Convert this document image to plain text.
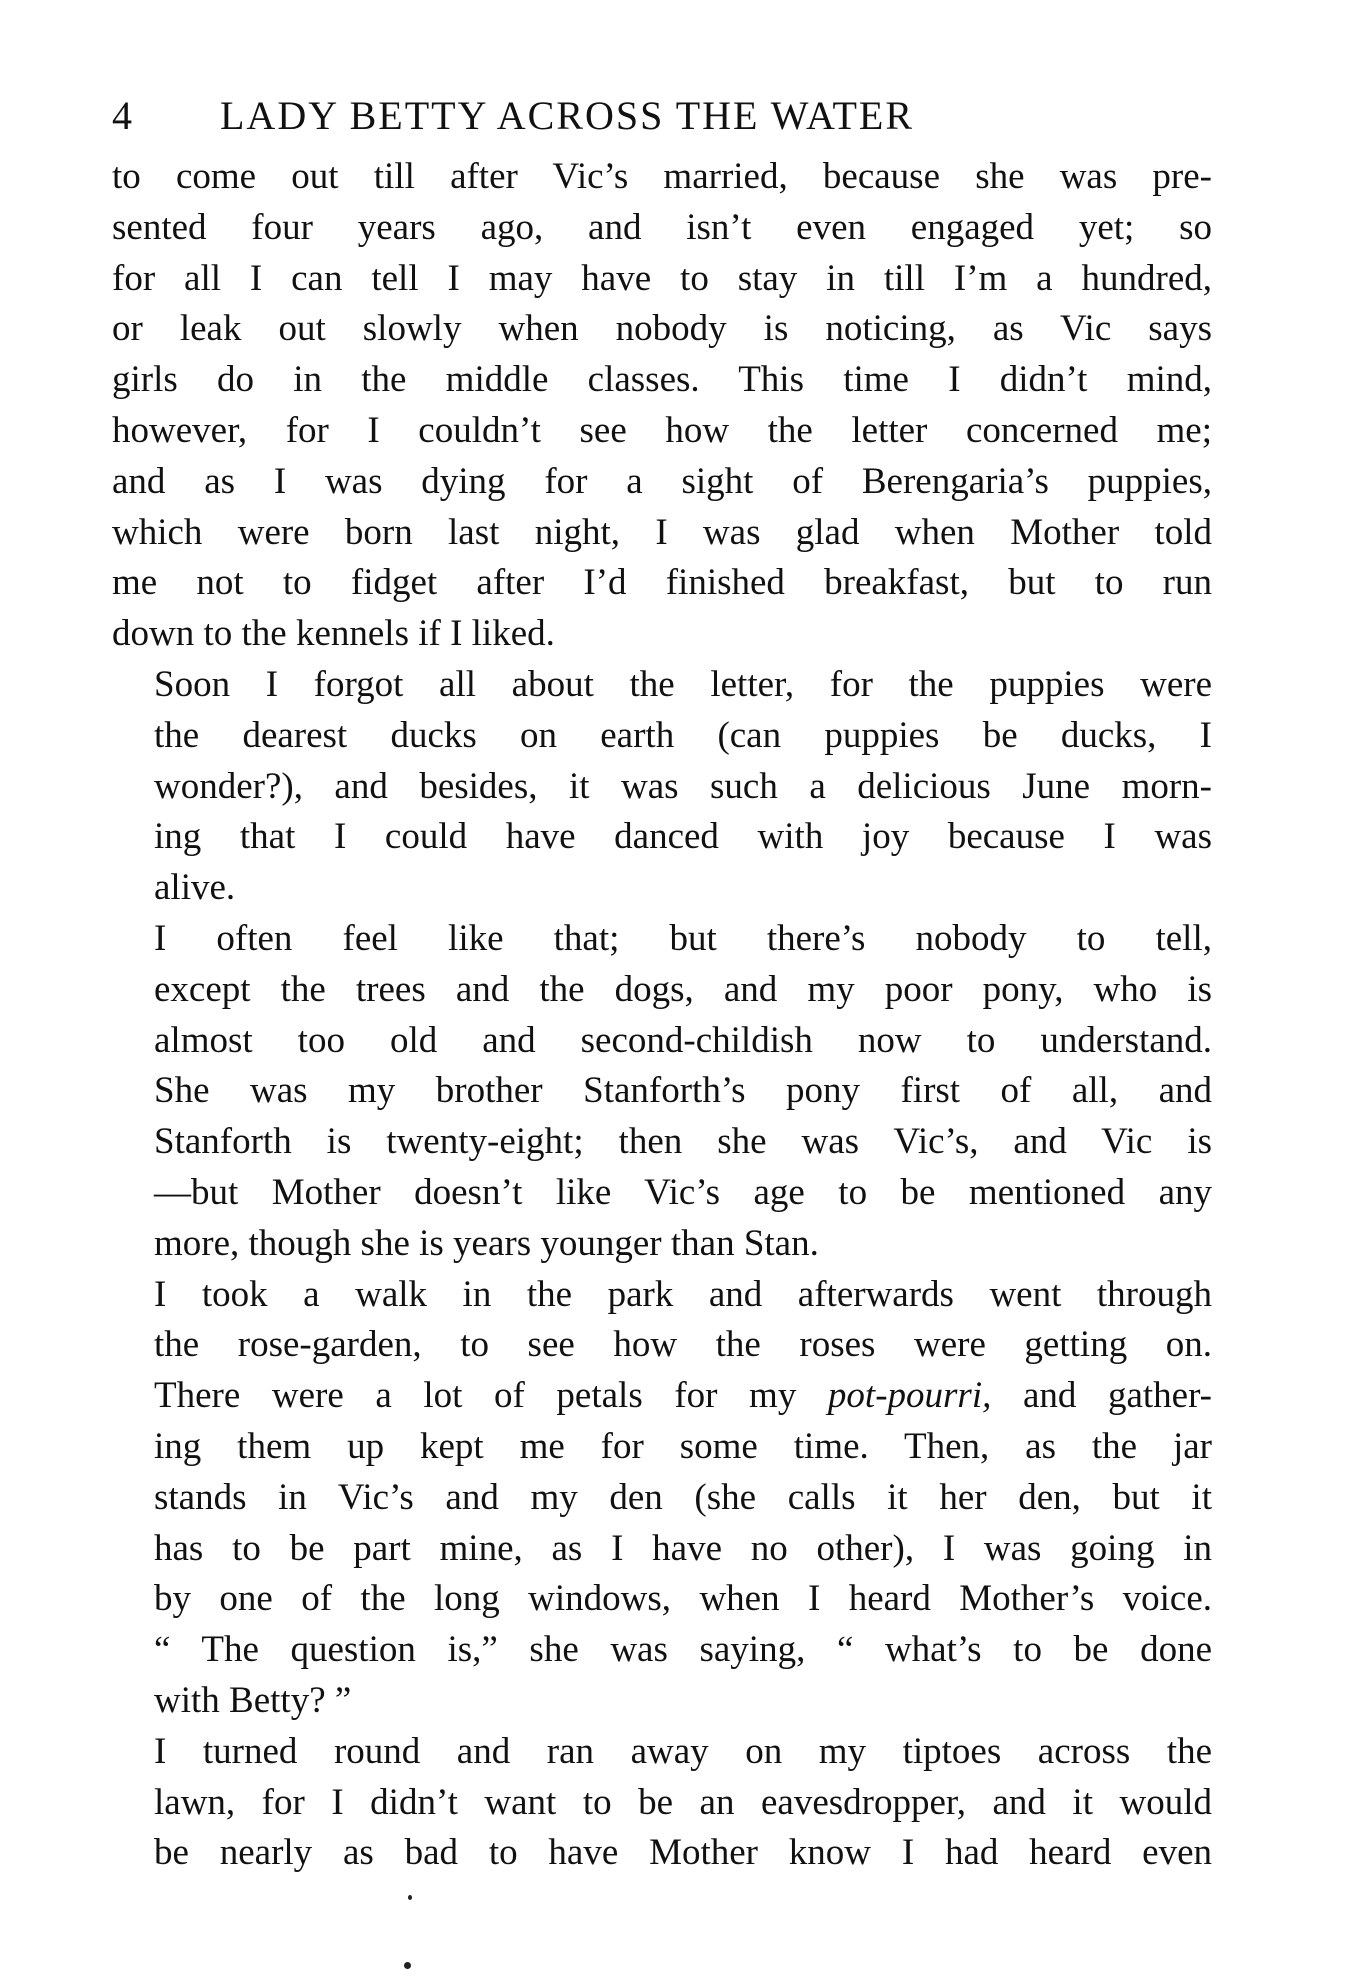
4 LADY BETTY ACROSS THE WATER

to come out till after Vic’s married, because she was pre-
sented four years ago, and isn’t even engaged yet; so
for all I can tell I may have to stay in till I’m a hundred,
or leak out slowly when nobody is noticing, as Vic says
girls do in the middle classes. This time I didn’t mind,
however, for I couldn’t see how the letter concerned me;
and as I was dying for a sight of Berengaria’s puppies,
which were born last night, I was glad when Mother told
me not to fidget after I’d finished breakfast, but to run
down to the kennels if I liked.

Soon I forgot all about the letter, for the puppies were
the dearest ducks on earth (can puppies be ducks, I
wonder?), and besides, it was such a delicious June morn-
ing that I could have danced with joy because I was
alive.

I often feel like that; but there’s nobody to tell,
except the trees and the dogs, and my poor pony, who is
almost too old and second-childish now to understand.
She was my brother Stanforth’s pony first of all, and
Stanforth is twenty-eight; then she was Vic’s, and Vic is
—but Mother doesn’t like Vic’s age to be mentioned any
more, though she is years younger than Stan.

I took a walk in the park and afterwards went through
the rose-garden, to see how the roses were getting on.
There were a lot of petals for my pot-pourri, and gather-
ing them up kept me for some time. Then, as the jar
stands in Vic’s and my den (she calls it her den, but it
has to be part mine, as I have no other), I was going in
by one of the long windows, when I heard Mother’s voice.
“ The question is,” she was saying, “ what’s to be done
with Betty? ”

I turned round and ran away on my tiptoes across the
lawn, for I didn’t want to be an eavesdropper, and it would
be nearly as bad to have Mother know I had heard even
